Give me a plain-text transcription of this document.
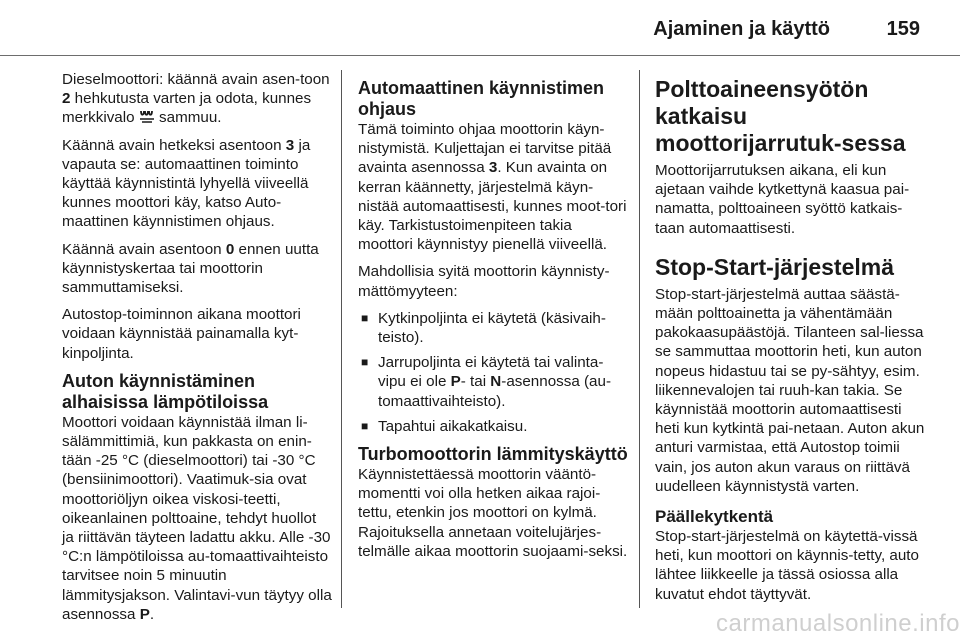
Ajaminen ja käyttö	159

Dieselmoottori: käännä avain asen-toon 2 hehkutusta varten ja odota, kunnes merkkivalo  sammuu.

Käännä avain hetkeksi asentoon 3 ja vapauta se: automaattinen toiminto käyttää käynnistintä lyhyellä viiveellä kunnes moottori käy, katso Auto-maattinen käynnistimen ohjaus.

Käännä avain asentoon 0 ennen uutta käynnistyskertaa tai moottorin sammuttamiseksi.

Autostop-toiminnon aikana moottori voidaan käynnistää painamalla kyt-kinpoljinta.

Auton käynnistäminen alhaisissa lämpötiloissa

Moottori voidaan käynnistää ilman li-sälämmittimiä, kun pakkasta on enin-tään -25 °C (dieselmoottori) tai -30 °C (bensiinimoottori). Vaatimuk-sia ovat moottoriöljyn oikea viskosi-teetti, oikeanlainen polttoaine, tehdyt huollot ja riittävän täyteen ladattu akku. Alle -30 °C:n lämpötiloissa au-tomaattivaihteisto tarvitsee noin 5 minuutin lämmitysjakson. Valintavi-vun täytyy olla asennossa P.

Automaattinen käynnistimen ohjaus

Tämä toiminto ohjaa moottorin käyn-nistymistä. Kuljettajan ei tarvitse pitää avainta asennossa 3. Kun avainta on kerran käännetty, järjestelmä käyn-nistää automaattisesti, kunnes moot-tori käy. Tarkistustoimenpiteen takia moottori käynnistyy pienellä viiveellä.

Mahdollisia syitä moottorin käynnisty-mättömyyteen:

■ Kytkinpoljinta ei käytetä (käsivaih-teisto).
■ Jarrupoljinta ei käytetä tai valinta-vipu ei ole P- tai N-asennossa (au-tomaattivaihteisto).
■ Tapahtui aikakatkaisu.
Turbomoottorin lämmityskäyttö

Käynnistettäessä moottorin vääntö-momentti voi olla hetken aikaa rajoi-tettu, etenkin jos moottori on kylmä. Rajoituksella annetaan voitelujärjes-telmälle aikaa moottorin suojaami-seksi.

Polttoaineensyötön katkaisu moottorijarrutuk-sessa

Moottorijarrutuksen aikana, eli kun ajetaan vaihde kytkettynä kaasua pai-namatta, polttoaineen syöttö katkais-taan automaattisesti.

Stop-Start-järjestelmä

Stop-start-järjestelmä auttaa säästä-mään polttoainetta ja vähentämään pakokaasupäästöjä. Tilanteen sal-liessa se sammuttaa moottorin heti, kun auton nopeus hidastuu tai se py-sähtyy, esim. liikennevalojen tai ruuh-kan takia. Se käynnistää moottorin automaattisesti heti kun kytkintä pai-netaan. Auton akun anturi varmistaa, että Autostop toimii vain, jos auton akun varaus on riittävä uudelleen käynnistystä varten.

Päällekytkentä

Stop-start-järjestelmä on käytettä-vissä heti, kun moottori on käynnis-tetty, auto lähtee liikkeelle ja tässä osiossa alla kuvatut ehdot täyttyvät.

carmanualsonline.info
